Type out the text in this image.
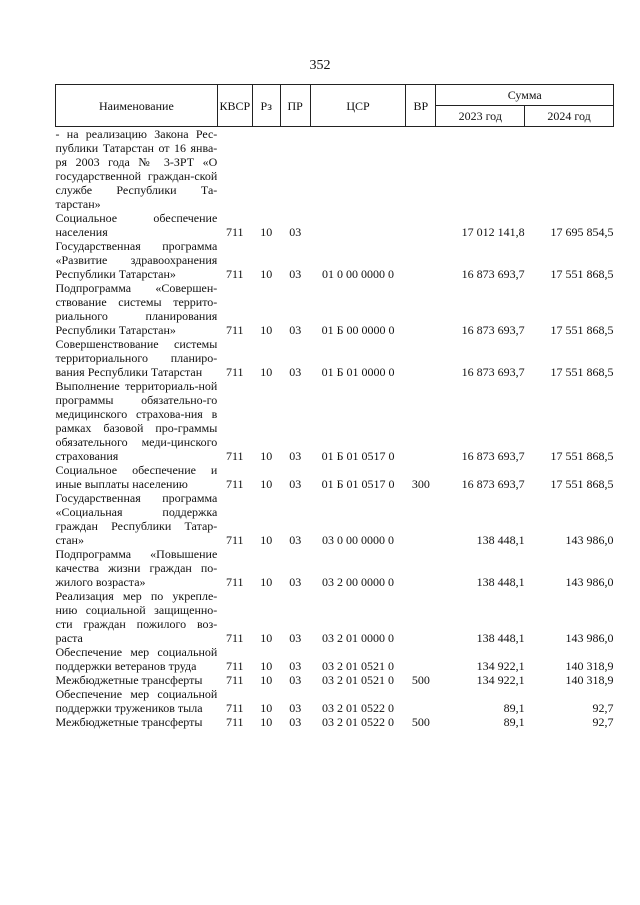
352
Наименование	КВСР	Рз	ПР	ЦСР	ВР	Сумма	
						2023 год	2024 год
- на реализацию Закона Рес-публики Татарстан от 16 янва-ря 2003 года № 3-ЗРТ «О государственной граждан-ской службе Республики Та-тарстан»							
Социальное обеспечение населения	711	10	03			17 012 141,8	17 695 854,5
Государственная программа «Развитие здравоохранения Республики Татарстан»	711	10	03	01 0 00 0000 0		16 873 693,7	17 551 868,5
Подпрограмма «Совершен-ствование системы террито-риального планирования Республики Татарстан»	711	10	03	01 Б 00 0000 0		16 873 693,7	17 551 868,5
Совершенствование системы территориального планиро-вания Республики Татарстан	711	10	03	01 Б 01 0000 0		16 873 693,7	17 551 868,5
Выполнение территориаль-ной программы обязательно-го медицинского страхова-ния в рамках базовой про-граммы обязательного меди-цинского страхования	711	10	03	01 Б 01 0517 0		16 873 693,7	17 551 868,5
Социальное обеспечение и иные выплаты населению	711	10	03	01 Б 01 0517 0	300	16 873 693,7	17 551 868,5
Государственная программа «Социальная поддержка граждан Республики Татар-стан»	711	10	03	03 0 00 0000 0		138 448,1	143 986,0
Подпрограмма «Повышение качества жизни граждан по-жилого возраста»	711	10	03	03 2 00 0000 0		138 448,1	143 986,0
Реализация мер по укрепле-нию социальной защищенно-сти граждан пожилого воз-раста	711	10	03	03 2 01 0000 0		138 448,1	143 986,0
Обеспечение мер социальной поддержки ветеранов труда	711	10	03	03 2 01 0521 0		134 922,1	140 318,9
Межбюджетные трансферты	711	10	03	03 2 01 0521 0	500	134 922,1	140 318,9
Обеспечение мер социальной поддержки тружеников тыла	711	10	03	03 2 01 0522 0		89,1	92,7
Межбюджетные трансферты	711	10	03	03 2 01 0522 0	500	89,1	92,7
